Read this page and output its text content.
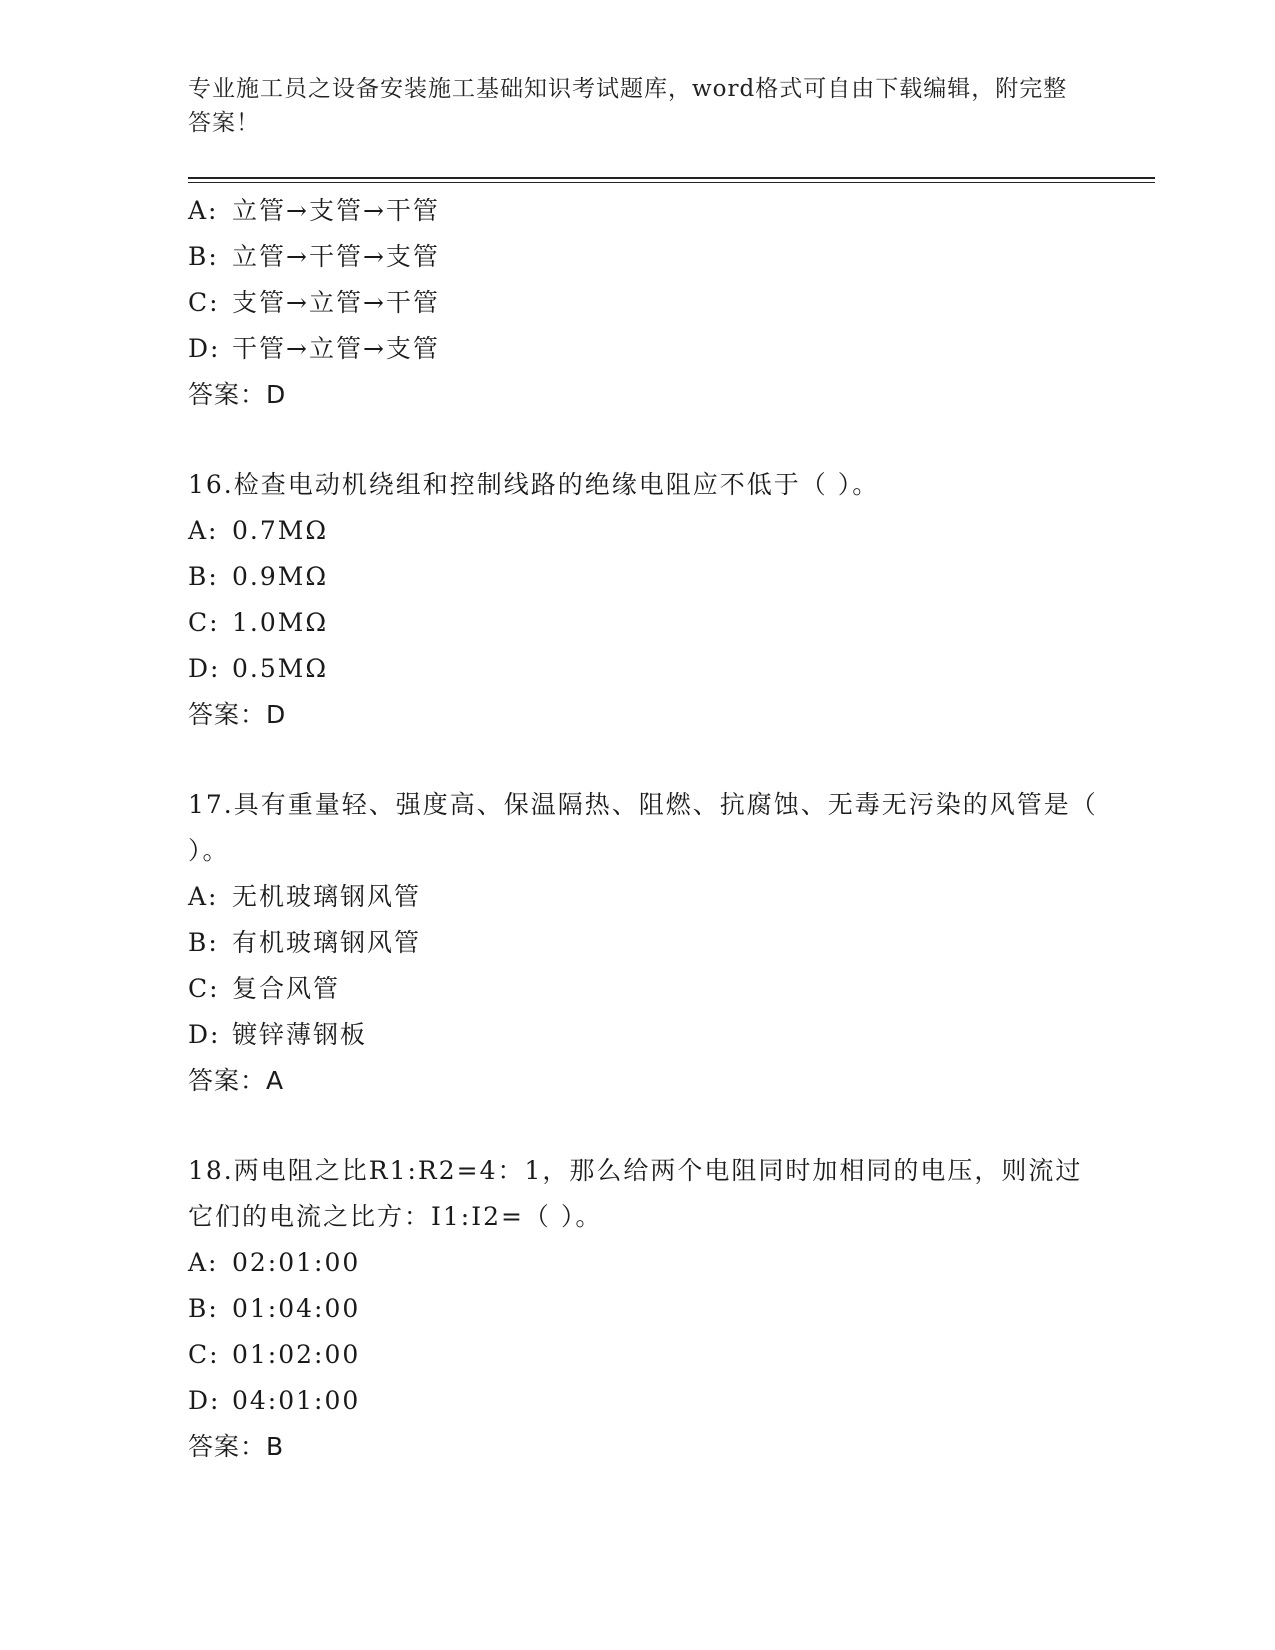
专业施工员之设备安装施工基础知识考试题库，word格式可自由下载编辑，附完整答案！
A: 立管→支管→干管
B: 立管→干管→支管
C: 支管→立管→干管
D: 干管→立管→支管
答案：D
16.检查电动机绕组和控制线路的绝缘电阻应不低于（ ）。
A: 0.7MΩ
B: 0.9MΩ
C: 1.0MΩ
D: 0.5MΩ
答案：D
17.具有重量轻、强度高、保温隔热、阻燃、抗腐蚀、无毒无污染的风管是（ ）。
A: 无机玻璃钢风管
B: 有机玻璃钢风管
C: 复合风管
D: 镀锌薄钢板
答案：A
18.两电阻之比R1:R2=4：1，那么给两个电阻同时加相同的电压，则流过它们的电流之比方：I1:I2=（ ）。
A: 02:01:00
B: 01:04:00
C: 01:02:00
D: 04:01:00
答案：B
